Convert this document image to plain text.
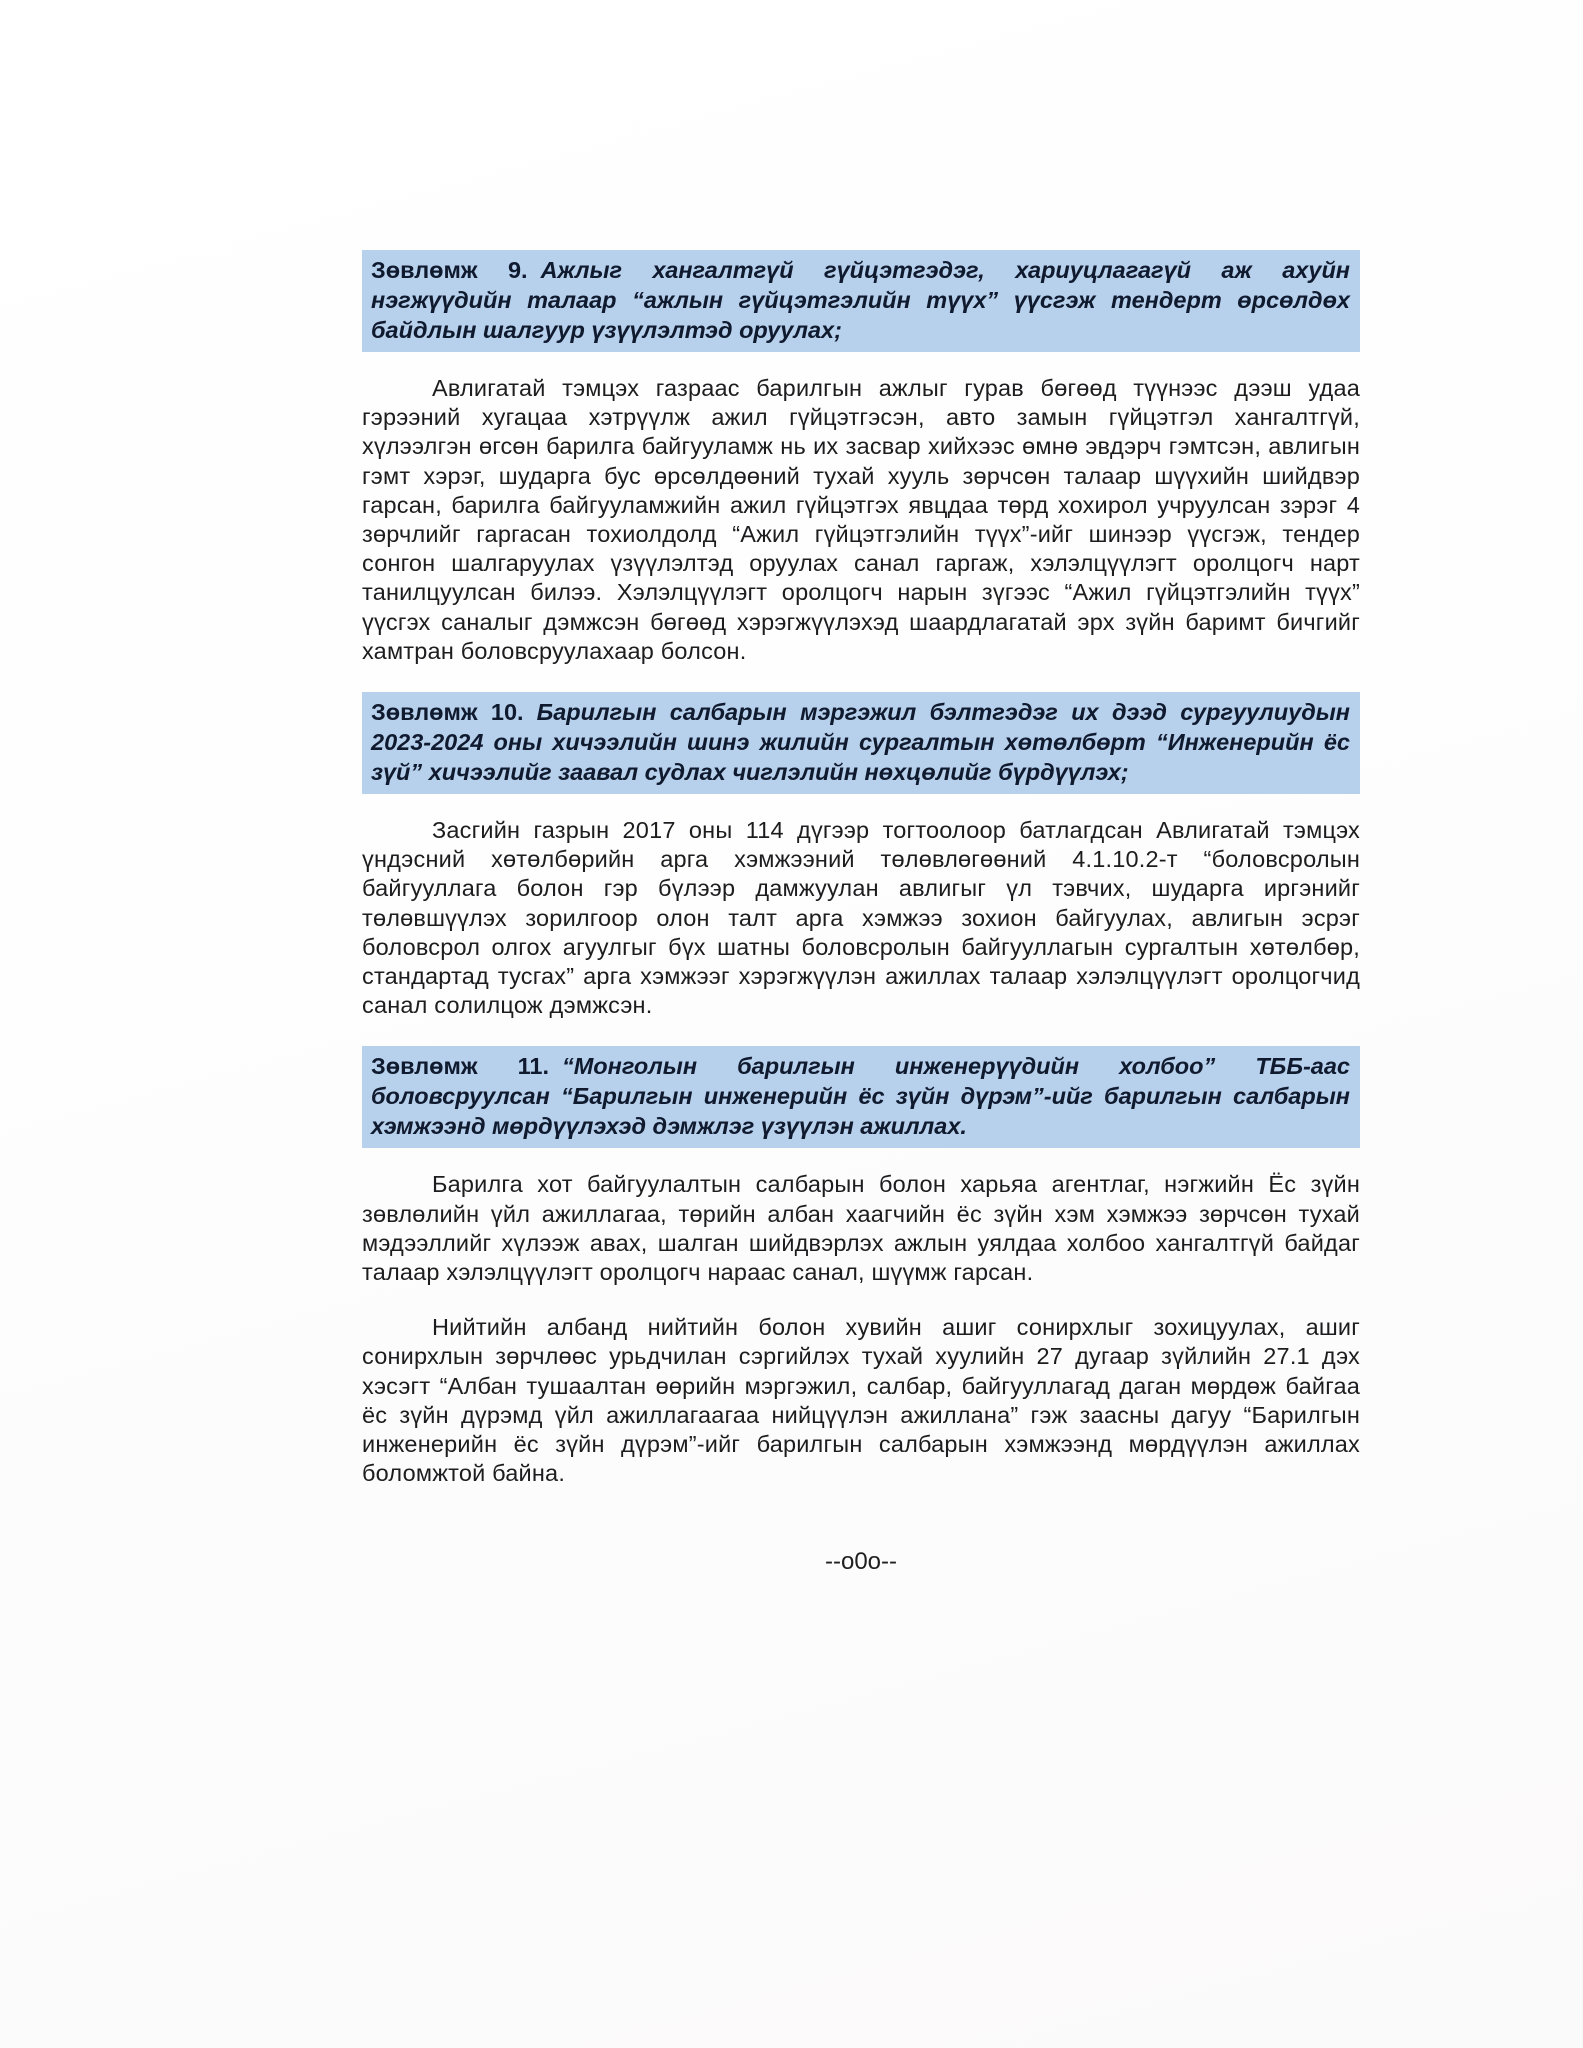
Зөвлөмж 9. Ажлыг хангалтгүй гүйцэтгэдэг, хариуцлагагүй аж ахуйн нэгжүүдийн талаар “ажлын гүйцэтгэлийн түүх” үүсгэж тендерт өрсөлдөх байдлын шалгуур үзүүлэлтэд оруулах;

Авлигатай тэмцэх газраас барилгын ажлыг гурав бөгөөд түүнээс дээш удаа гэрээний хугацаа хэтрүүлж ажил гүйцэтгэсэн, авто замын гүйцэтгэл хангалтгүй, хүлээлгэн өгсөн барилга байгууламж нь их засвар хийхээс өмнө эвдэрч гэмтсэн, авлигын гэмт хэрэг, шударга бус өрсөлдөөний тухай хууль зөрчсөн талаар шүүхийн шийдвэр гарсан, барилга байгууламжийн ажил гүйцэтгэх явцдаа төрд хохирол учруулсан зэрэг 4 зөрчлийг гаргасан тохиолдолд “Ажил гүйцэтгэлийн түүх”-ийг шинээр үүсгэж, тендер сонгон шалгаруулах үзүүлэлтэд оруулах санал гаргаж, хэлэлцүүлэгт оролцогч нарт танилцуулсан билээ. Хэлэлцүүлэгт оролцогч нарын зүгээс “Ажил гүйцэтгэлийн түүх” үүсгэх саналыг дэмжсэн бөгөөд хэрэгжүүлэхэд шаардлагатай эрх зүйн баримт бичгийг хамтран боловсруулахаар болсон.

Зөвлөмж 10. Барилгын салбарын мэргэжил бэлтгэдэг их дээд сургуулиудын 2023-2024 оны хичээлийн шинэ жилийн сургалтын хөтөлбөрт “Инженерийн ёс зүй” хичээлийг заавал судлах чиглэлийн нөхцөлийг бүрдүүлэх;

Засгийн газрын 2017 оны 114 дүгээр тогтоолоор батлагдсан Авлигатай тэмцэх үндэсний хөтөлбөрийн арга хэмжээний төлөвлөгөөний 4.1.10.2-т “боловсролын байгууллага болон гэр бүлээр дамжуулан авлигыг үл тэвчих, шударга иргэнийг төлөвшүүлэх зорилгоор олон талт арга хэмжээ зохион байгуулах, авлигын эсрэг боловсрол олгох агуулгыг бүх шатны боловсролын байгууллагын сургалтын хөтөлбөр, стандартад тусгах” арга хэмжээг хэрэгжүүлэн ажиллах талаар хэлэлцүүлэгт оролцогчид санал солилцож дэмжсэн.

Зөвлөмж 11. “Монголын барилгын инженерүүдийн холбоо” ТББ-аас боловсруулсан “Барилгын инженерийн ёс зүйн дүрэм”-ийг барилгын салбарын хэмжээнд мөрдүүлэхэд дэмжлэг үзүүлэн ажиллах.

Барилга хот байгуулалтын салбарын болон харьяа агентлаг, нэгжийн Ёс зүйн зөвлөлийн үйл ажиллагаа, төрийн албан хаагчийн ёс зүйн хэм хэмжээ зөрчсөн тухай мэдээллийг хүлээж авах, шалган шийдвэрлэх ажлын уялдаа холбоо хангалтгүй байдаг талаар хэлэлцүүлэгт оролцогч нараас санал, шүүмж гарсан.

Нийтийн албанд нийтийн болон хувийн ашиг сонирхлыг зохицуулах, ашиг сонирхлын зөрчлөөс урьдчилан сэргийлэх тухай хуулийн 27 дугаар зүйлийн 27.1 дэх хэсэгт “Албан тушаалтан өөрийн мэргэжил, салбар, байгууллагад даган мөрдөж байгаа ёс зүйн дүрэмд үйл ажиллагаагаа нийцүүлэн ажиллана” гэж заасны дагуу “Барилгын инженерийн ёс зүйн дүрэм”-ийг барилгын салбарын хэмжээнд мөрдүүлэн ажиллах боломжтой байна.

--o0o--
